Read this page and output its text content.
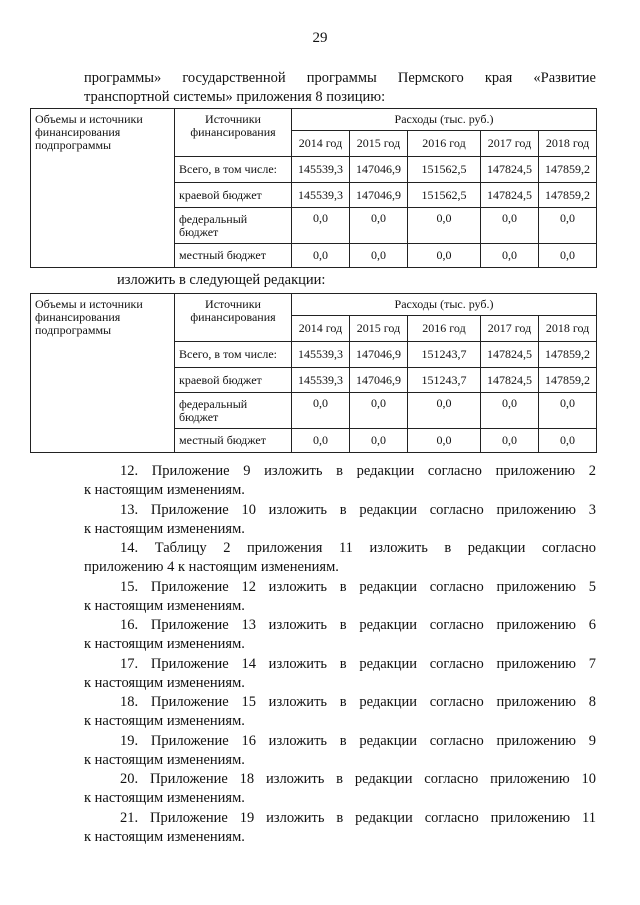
29
программы» государственной программы Пермского края «Развитие
транспортной системы» приложения 8 позицию:
Объемы и источники финансирования подпрограммы	Источники финансирования	Расходы (тыс. руб.)				
		2014 год	2015 год	2016 год	2017 год	2018 год
	Всего, в том числе:	145539,3	147046,9	151562,5	147824,5	147859,2
	краевой бюджет	145539,3	147046,9	151562,5	147824,5	147859,2
	федеральный бюджет	0,0	0,0	0,0	0,0	0,0
	местный бюджет	0,0	0,0	0,0	0,0	0,0
изложить в следующей редакции:
Объемы и источники финансирования подпрограммы	Источники финансирования	Расходы (тыс. руб.)				
		2014 год	2015 год	2016 год	2017 год	2018 год
	Всего, в том числе:	145539,3	147046,9	151243,7	147824,5	147859,2
	краевой бюджет	145539,3	147046,9	151243,7	147824,5	147859,2
	федеральный бюджет	0,0	0,0	0,0	0,0	0,0
	местный бюджет	0,0	0,0	0,0	0,0	0,0
12. Приложение 9 изложить в редакции согласно приложению 2
к настоящим изменениям.
13. Приложение 10 изложить в редакции согласно приложению 3
к настоящим изменениям.
14. Таблицу 2 приложения 11 изложить в редакции согласно
приложению 4 к настоящим изменениям.
15. Приложение 12 изложить в редакции согласно приложению 5
к настоящим изменениям.
16. Приложение 13 изложить в редакции согласно приложению 6
к настоящим изменениям.
17. Приложение 14 изложить в редакции согласно приложению 7
к настоящим изменениям.
18. Приложение 15 изложить в редакции согласно приложению 8
к настоящим изменениям.
19. Приложение 16 изложить в редакции согласно приложению 9
к настоящим изменениям.
20. Приложение 18 изложить в редакции согласно приложению 10
к настоящим изменениям.
21. Приложение 19 изложить в редакции согласно приложению 11
к настоящим изменениям.
